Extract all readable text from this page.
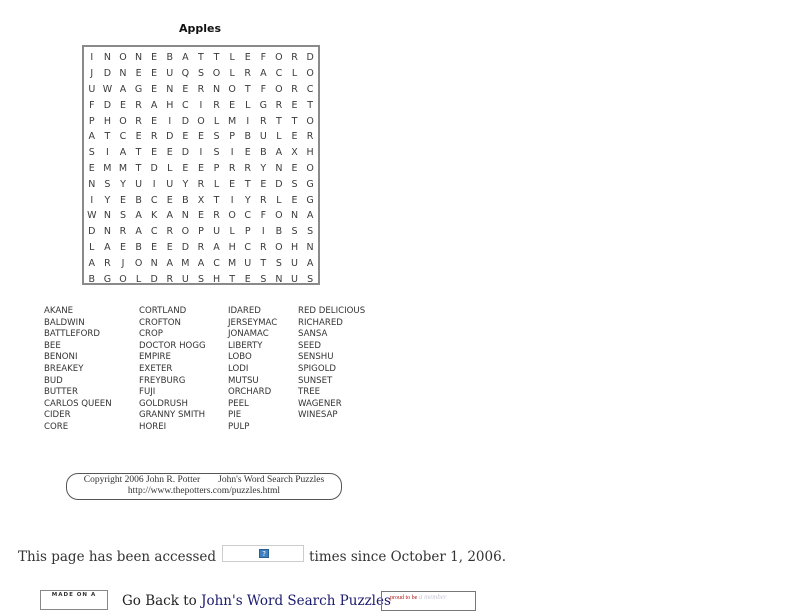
Apples
I	N O N E B A T	T	L	E	F O R D
J	D N E	E U Q S O L	R A C	L O
U W A G E N E R N O T	F O R C
F D E R A H C	I	R E	L G R E	T
P H O R E	I	D O L M	I	R T	T O
A T C E R D E	E	S	P B U L	E R
S	I	A T	E	E D	I	S	I	E B A X H
E M M T D L	E	E	P R R Y N E O
N S	Y U	I	U Y R	L	E	T	E D S G
I	Y	E B C E B X T	I	Y R	L	E G
W N S A K A N E R O C	F O N A
D N R A C R O P U L	P	I	B S	S
L	A E B E	E D R A H C R O H N
A R	J	O N A M A C M U T	S U A
B G O L D R U S H T	E	S N U S
AKANE
BALDWIN
BATTLEFORD
BEE
BENONI
BREAKEY
BUD
BUTTER
CARLOS QUEEN
CIDER
CORE
CORTLAND
CROFTON
CROP
DOCTOR HOGG
EMPIRE
EXETER
FREYBURG
FUJI
GOLDRUSH
GRANNY SMITH
HOREI
IDARED
JERSEYMAC
JONAMAC
LIBERTY
LOBO
LODI
MUTSU
ORCHARD
PEEL
PIE
PULP
RED DELICIOUS
RICHARED
SANSA
SEED
SENSHU
SPIGOLD
SUNSET
TREE
WAGENER
WINESAP
Copyright 2006 John R. Potter John's Word Search Puzzles
http://www.thepotters.com/puzzles.html
This page has been accessed	?	times since October 1, 2006.
MADE ON A	Go Back to John's Word Search Puzzles proud to be a member
